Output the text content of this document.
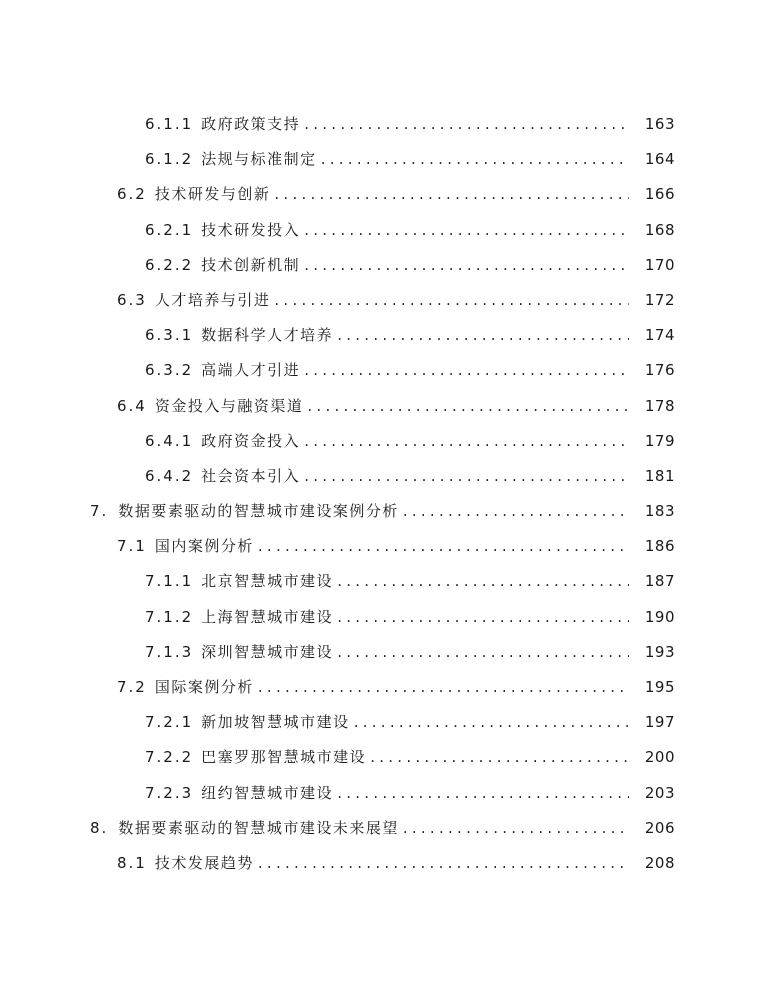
6.1.1 政府政策支持 . . .	163
6.1.2 法规与标准制定 . . .	164
6.2 技术研发与创新 . . .	166
6.2.1 技术研发投入 . . .	168
6.2.2 技术创新机制 . . .	170
6.3 人才培养与引进 . . .	172
6.3.1 数据科学人才培养 . . .	174
6.3.2 高端人才引进 . . .	176
6.4 资金投入与融资渠道 . . .	178
6.4.1 政府资金投入 . . .	179
6.4.2 社会资本引入 . . .	181
7. 数据要素驱动的智慧城市建设案例分析 . . .	183
7.1 国内案例分析 . . .	186
7.1.1 北京智慧城市建设 . . .	187
7.1.2 上海智慧城市建设 . . .	190
7.1.3 深圳智慧城市建设 . . .	193
7.2 国际案例分析 . . .	195
7.2.1 新加坡智慧城市建设 . . .	197
7.2.2 巴塞罗那智慧城市建设 . . .	200
7.2.3 纽约智慧城市建设 . . .	203
8. 数据要素驱动的智慧城市建设未来展望 . . .	206
8.1 技术发展趋势 . . .	208
